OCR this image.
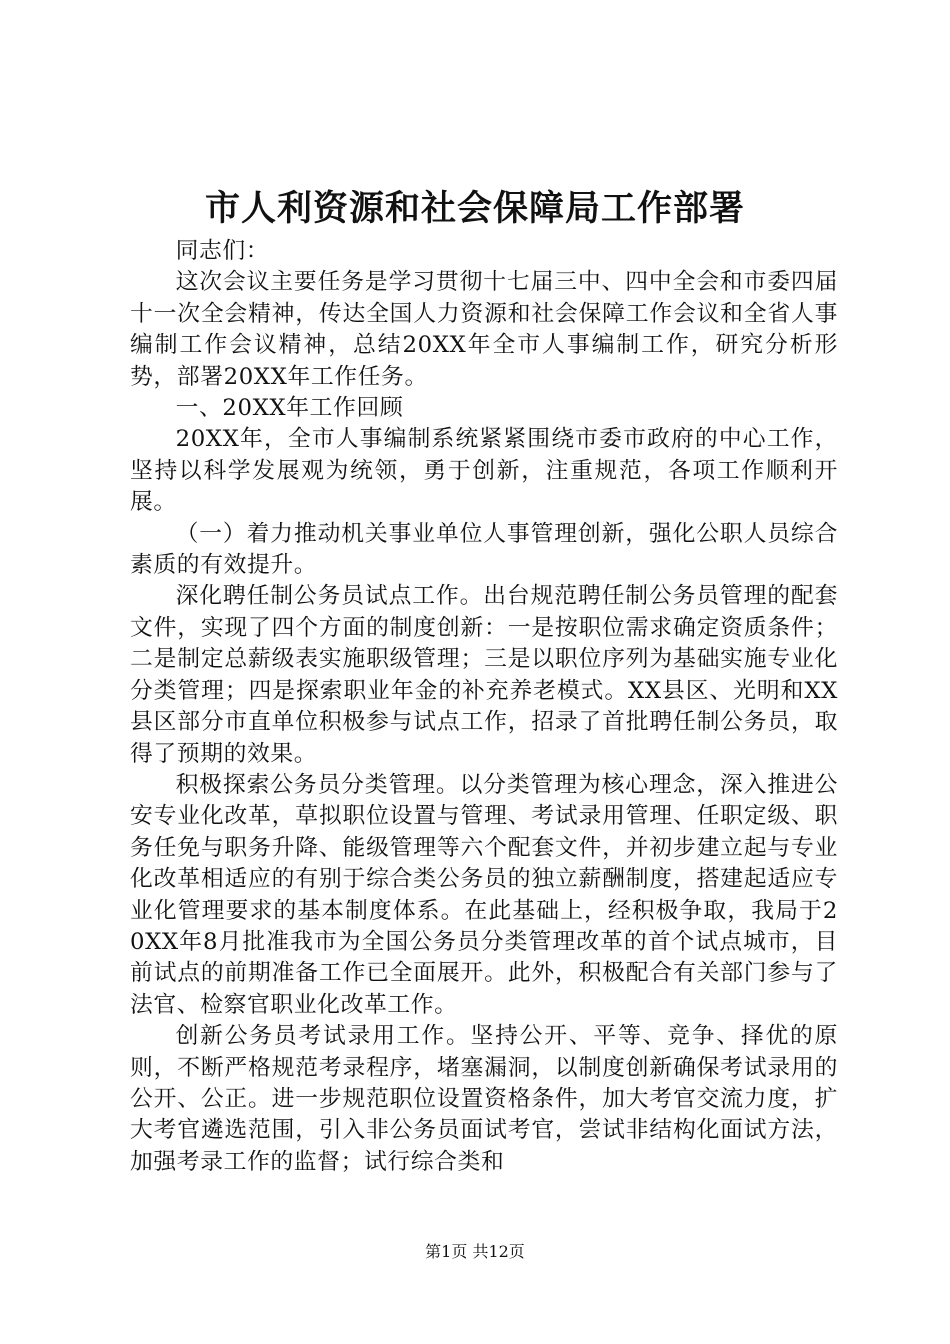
市人利资源和社会保障局工作部署

同志们：

这次会议主要任务是学习贯彻十七届三中、四中全会和市委四届十一次全会精神，传达全国人力资源和社会保障工作会议和全省人事编制工作会议精神，总结20XX年全市人事编制工作，研究分析形势，部署20XX年工作任务。

一、20XX年工作回顾

20XX年，全市人事编制系统紧紧围绕市委市政府的中心工作，坚持以科学发展观为统领，勇于创新，注重规范，各项工作顺利开展。

（一）着力推动机关事业单位人事管理创新，强化公职人员综合素质的有效提升。

深化聘任制公务员试点工作。出台规范聘任制公务员管理的配套文件，实现了四个方面的制度创新：一是按职位需求确定资质条件；二是制定总薪级表实施职级管理；三是以职位序列为基础实施专业化分类管理；四是探索职业年金的补充养老模式。XX县区、光明和XX县区部分市直单位积极参与试点工作，招录了首批聘任制公务员，取得了预期的效果。

积极探索公务员分类管理。以分类管理为核心理念，深入推进公安专业化改革，草拟职位设置与管理、考试录用管理、任职定级、职务任免与职务升降、能级管理等六个配套文件，并初步建立起与专业化改革相适应的有别于综合类公务员的独立薪酬制度，搭建起适应专业化管理要求的基本制度体系。在此基础上，经积极争取，我局于20XX年8月批准我市为全国公务员分类管理改革的首个试点城市，目前试点的前期准备工作已全面展开。此外，积极配合有关部门参与了法官、检察官职业化改革工作。

创新公务员考试录用工作。坚持公开、平等、竞争、择优的原则，不断严格规范考录程序，堵塞漏洞，以制度创新确保考试录用的公开、公正。进一步规范职位设置资格条件，加大考官交流力度，扩大考官遴选范围，引入非公务员面试考官，尝试非结构化面试方法，加强考录工作的监督；试行综合类和

第1页 共12页
